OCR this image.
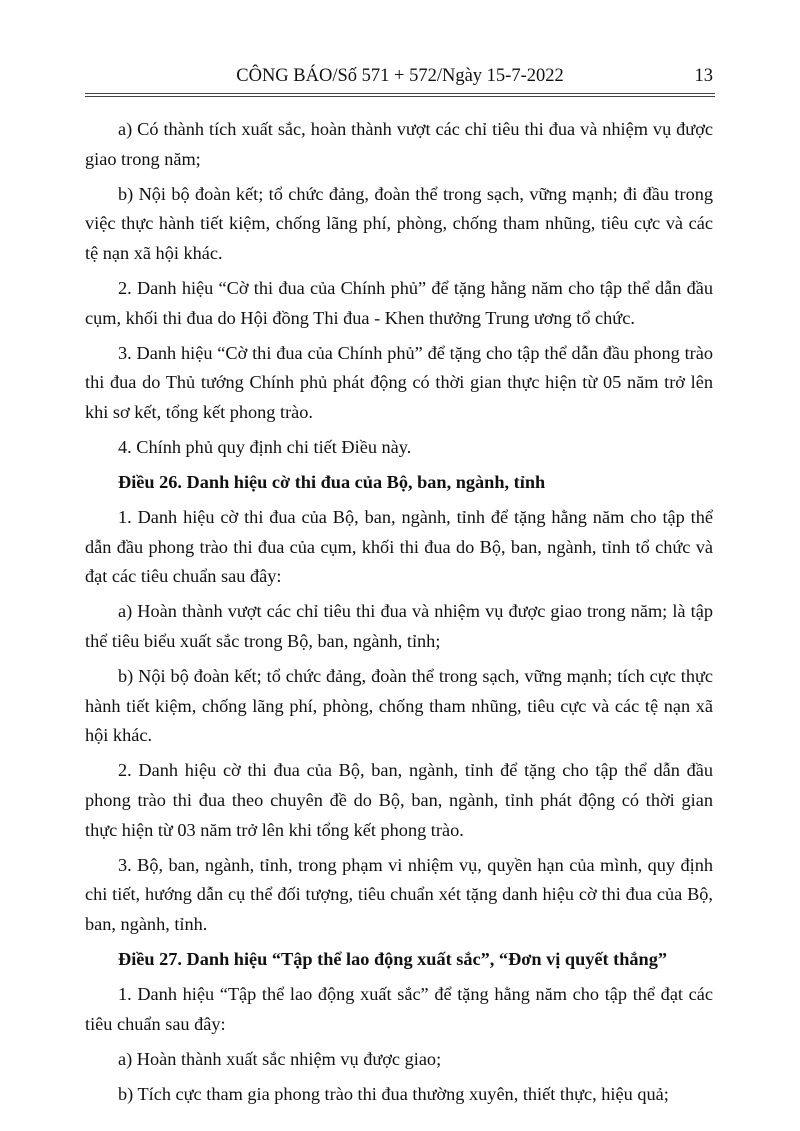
CÔNG BÁO/Số 571 + 572/Ngày 15-7-2022	13

a) Có thành tích xuất sắc, hoàn thành vượt các chỉ tiêu thi đua và nhiệm vụ được giao trong năm;

b) Nội bộ đoàn kết; tổ chức đảng, đoàn thể trong sạch, vững mạnh; đi đầu trong việc thực hành tiết kiệm, chống lãng phí, phòng, chống tham nhũng, tiêu cực và các tệ nạn xã hội khác.

2. Danh hiệu “Cờ thi đua của Chính phủ” để tặng hằng năm cho tập thể dẫn đầu cụm, khối thi đua do Hội đồng Thi đua - Khen thưởng Trung ương tổ chức.

3. Danh hiệu “Cờ thi đua của Chính phủ” để tặng cho tập thể dẫn đầu phong trào thi đua do Thủ tướng Chính phủ phát động có thời gian thực hiện từ 05 năm trở lên khi sơ kết, tổng kết phong trào.

4. Chính phủ quy định chi tiết Điều này.

Điều 26. Danh hiệu cờ thi đua của Bộ, ban, ngành, tỉnh

1. Danh hiệu cờ thi đua của Bộ, ban, ngành, tỉnh để tặng hằng năm cho tập thể dẫn đầu phong trào thi đua của cụm, khối thi đua do Bộ, ban, ngành, tỉnh tổ chức và đạt các tiêu chuẩn sau đây:

a) Hoàn thành vượt các chỉ tiêu thi đua và nhiệm vụ được giao trong năm; là tập thể tiêu biểu xuất sắc trong Bộ, ban, ngành, tỉnh;

b) Nội bộ đoàn kết; tổ chức đảng, đoàn thể trong sạch, vững mạnh; tích cực thực hành tiết kiệm, chống lãng phí, phòng, chống tham nhũng, tiêu cực và các tệ nạn xã hội khác.

2. Danh hiệu cờ thi đua của Bộ, ban, ngành, tỉnh để tặng cho tập thể dẫn đầu phong trào thi đua theo chuyên đề do Bộ, ban, ngành, tỉnh phát động có thời gian thực hiện từ 03 năm trở lên khi tổng kết phong trào.

3. Bộ, ban, ngành, tỉnh, trong phạm vi nhiệm vụ, quyền hạn của mình, quy định chi tiết, hướng dẫn cụ thể đối tượng, tiêu chuẩn xét tặng danh hiệu cờ thi đua của Bộ, ban, ngành, tỉnh.

Điều 27. Danh hiệu “Tập thể lao động xuất sắc”, “Đơn vị quyết thắng”

1. Danh hiệu “Tập thể lao động xuất sắc” để tặng hằng năm cho tập thể đạt các tiêu chuẩn sau đây:

a) Hoàn thành xuất sắc nhiệm vụ được giao;

b) Tích cực tham gia phong trào thi đua thường xuyên, thiết thực, hiệu quả;
